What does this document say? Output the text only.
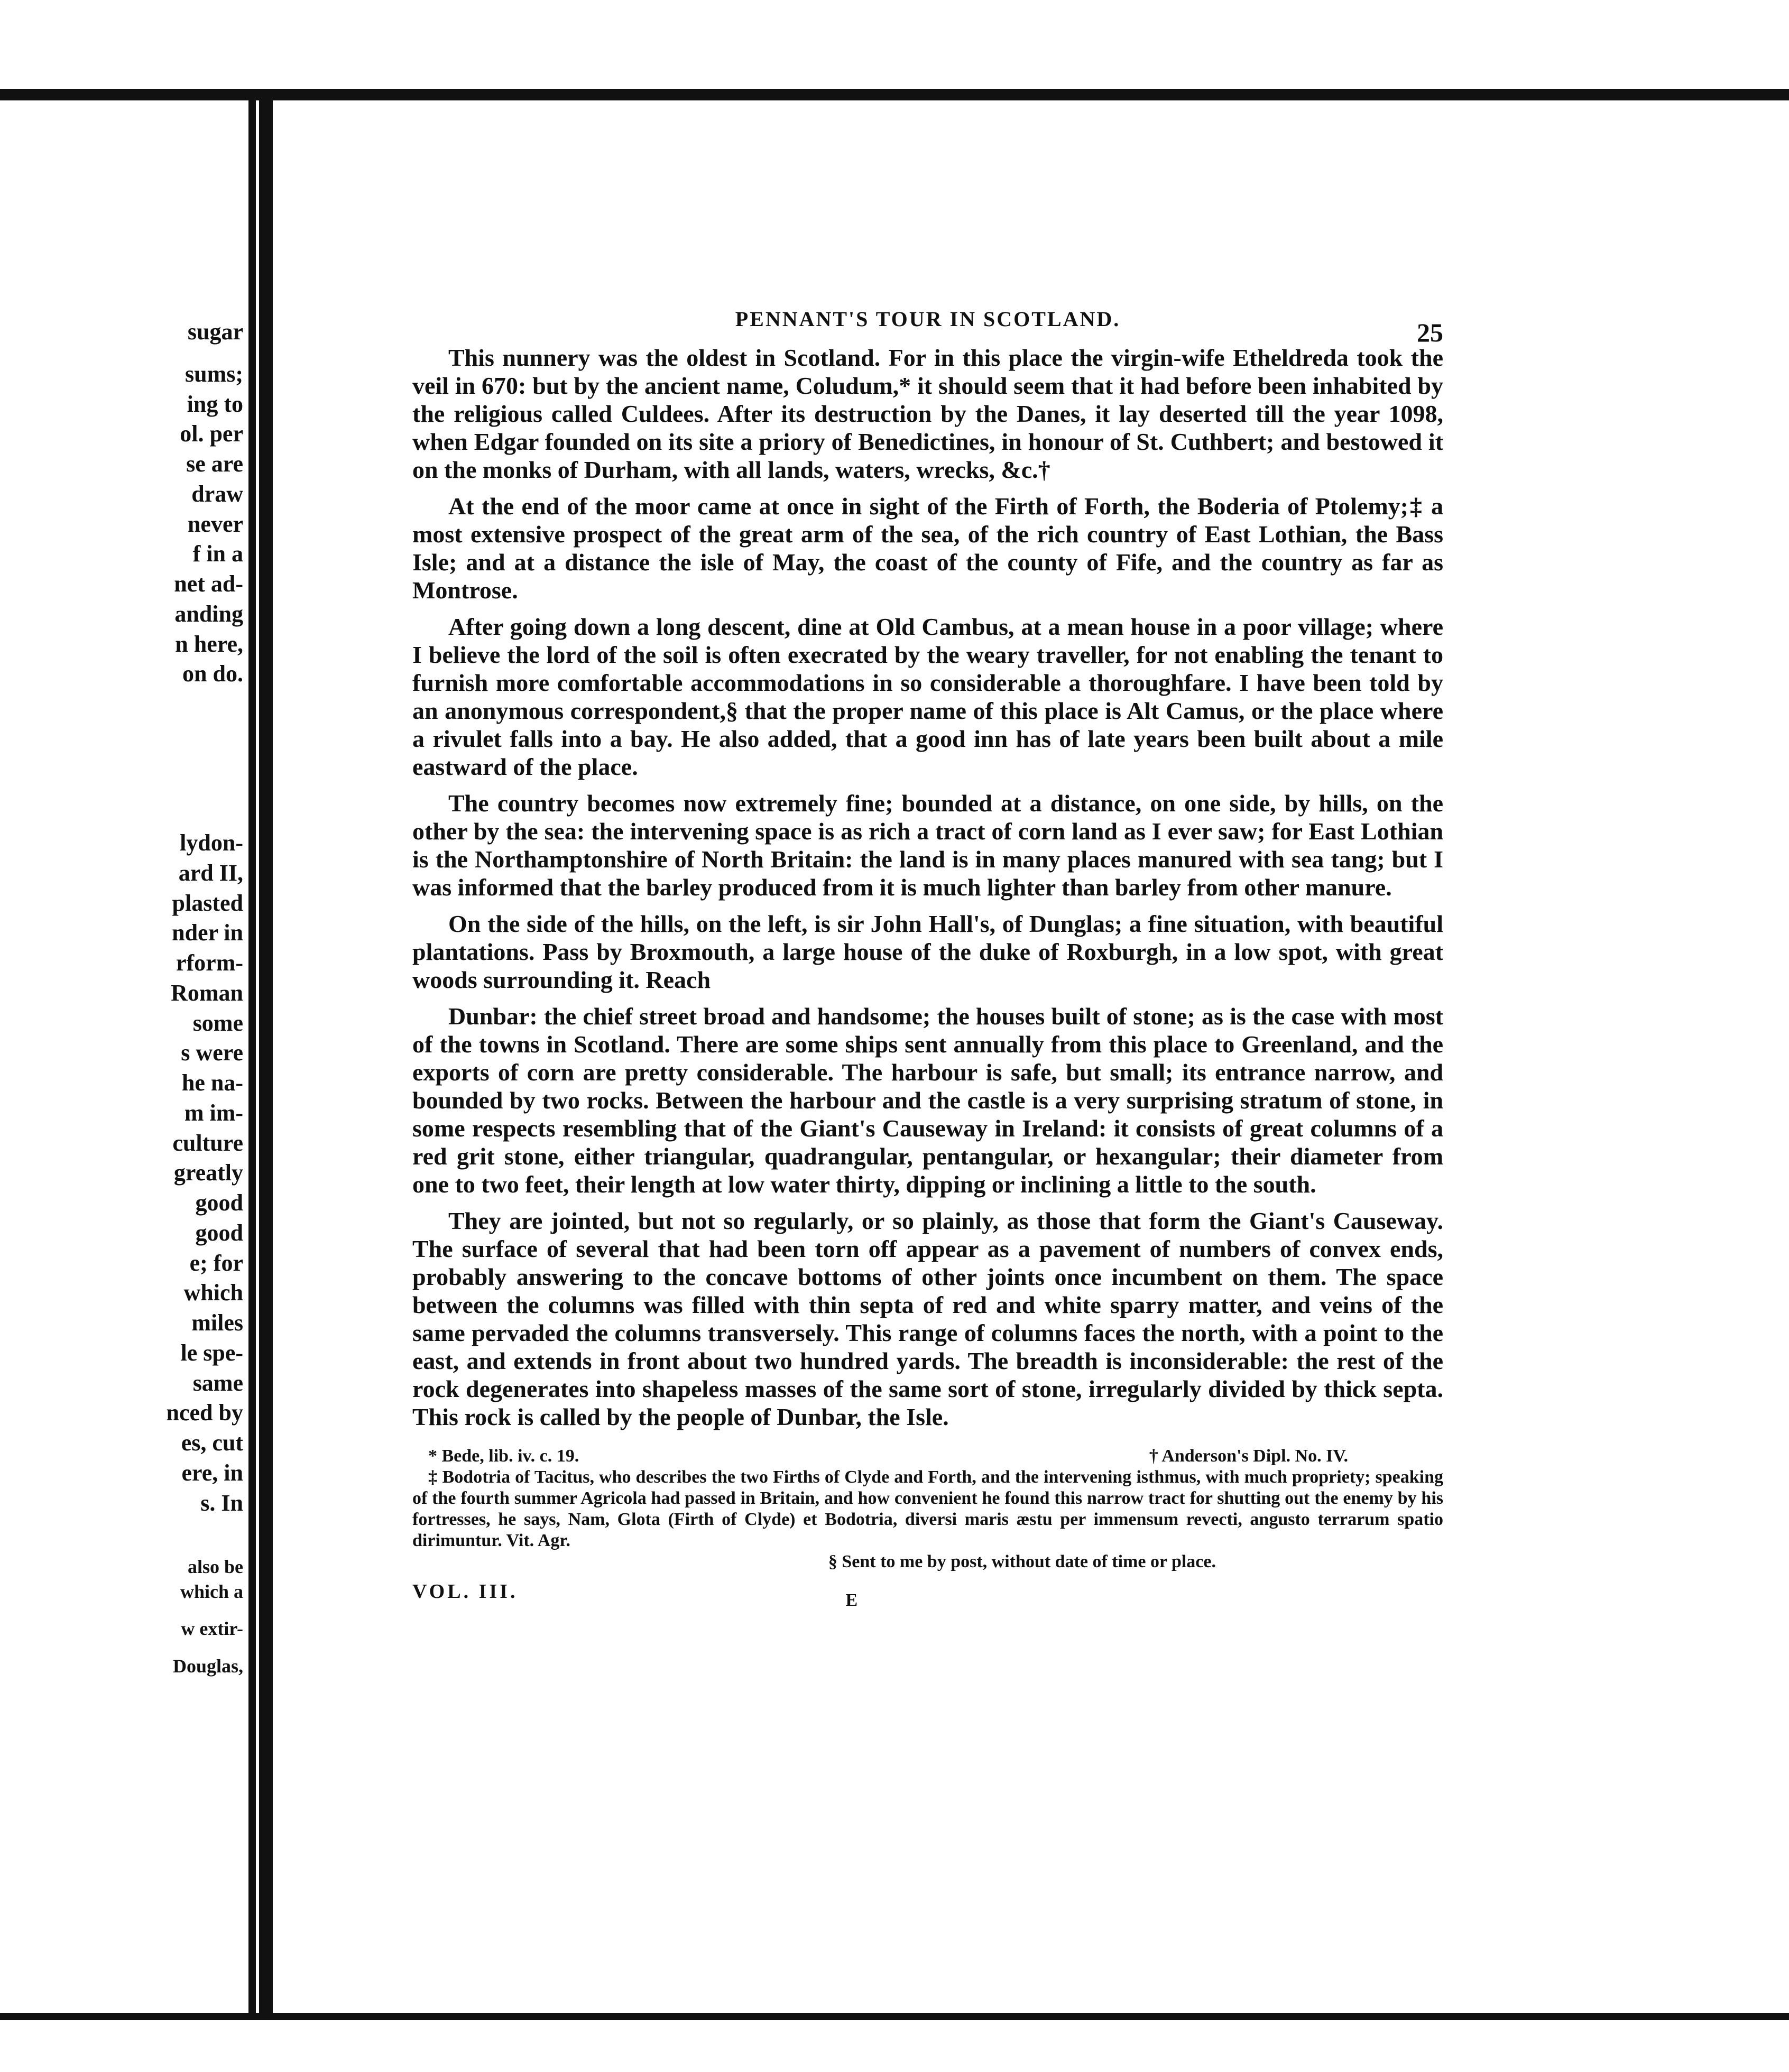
sugar
sums;
ing to
ol. per
se are
draw
never
f in a
net ad-
anding
n here,
on do.
lydon-
ard II,
plasted
nder in
rform-
Roman
some
s were
he na-
m im-
culture
greatly
good
good
e; for
which
miles
le spe-
same
nced by
es, cut
ere, in
s. In
also be
which a
w extir-
Douglas,
PENNANT'S TOUR IN SCOTLAND.	25

This nunnery was the oldest in Scotland. For in this place the virgin-wife Etheldreda took the veil in 670: but by the ancient name, Coludum,* it should seem that it had before been inhabited by the religious called Culdees. After its destruction by the Danes, it lay deserted till the year 1098, when Edgar founded on its site a priory of Benedictines, in honour of St. Cuthbert; and bestowed it on the monks of Durham, with all lands, waters, wrecks, &c.†

At the end of the moor came at once in sight of the Firth of Forth, the Boderia of Ptolemy;‡ a most extensive prospect of the great arm of the sea, of the rich country of East Lothian, the Bass Isle; and at a distance the isle of May, the coast of the county of Fife, and the country as far as Montrose.

After going down a long descent, dine at Old Cambus, at a mean house in a poor village; where I believe the lord of the soil is often execrated by the weary traveller, for not enabling the tenant to furnish more comfortable accommodations in so considerable a thoroughfare. I have been told by an anonymous correspondent,§ that the proper name of this place is Alt Camus, or the place where a rivulet falls into a bay. He also added, that a good inn has of late years been built about a mile eastward of the place.

The country becomes now extremely fine; bounded at a distance, on one side, by hills, on the other by the sea: the intervening space is as rich a tract of corn land as I ever saw; for East Lothian is the Northamptonshire of North Britain: the land is in many places manured with sea tang; but I was informed that the barley produced from it is much lighter than barley from other manure.

On the side of the hills, on the left, is sir John Hall's, of Dunglas; a fine situation, with beautiful plantations. Pass by Broxmouth, a large house of the duke of Roxburgh, in a low spot, with great woods surrounding it. Reach

Dunbar: the chief street broad and handsome; the houses built of stone; as is the case with most of the towns in Scotland. There are some ships sent annually from this place to Greenland, and the exports of corn are pretty considerable. The harbour is safe, but small; its entrance narrow, and bounded by two rocks. Between the harbour and the castle is a very surprising stratum of stone, in some respects resembling that of the Giant's Causeway in Ireland: it consists of great columns of a red grit stone, either triangular, quadrangular, pentangular, or hexangular; their diameter from one to two feet, their length at low water thirty, dipping or inclining a little to the south.

They are jointed, but not so regularly, or so plainly, as those that form the Giant's Causeway. The surface of several that had been torn off appear as a pavement of numbers of convex ends, probably answering to the concave bottoms of other joints once incumbent on them. The space between the columns was filled with thin septa of red and white sparry matter, and veins of the same pervaded the columns transversely. This range of columns faces the north, with a point to the east, and extends in front about two hundred yards. The breadth is inconsiderable: the rest of the rock degenerates into shapeless masses of the same sort of stone, irregularly divided by thick septa. This rock is called by the people of Dunbar, the Isle.

* Bede, lib. iv. c. 19.	† Anderson's Dipl. No. IV.

‡ Bodotria of Tacitus, who describes the two Firths of Clyde and Forth, and the intervening isthmus, with much propriety; speaking of the fourth summer Agricola had passed in Britain, and how convenient he found this narrow tract for shutting out the enemy by his fortresses, he says, Nam, Glota (Firth of Clyde) et Bodotria, diversi maris æstu per immensum revecti, angusto terrarum spatio dirimuntur. Vit. Agr.

§ Sent to me by post, without date of time or place.

VOL. III.	E
